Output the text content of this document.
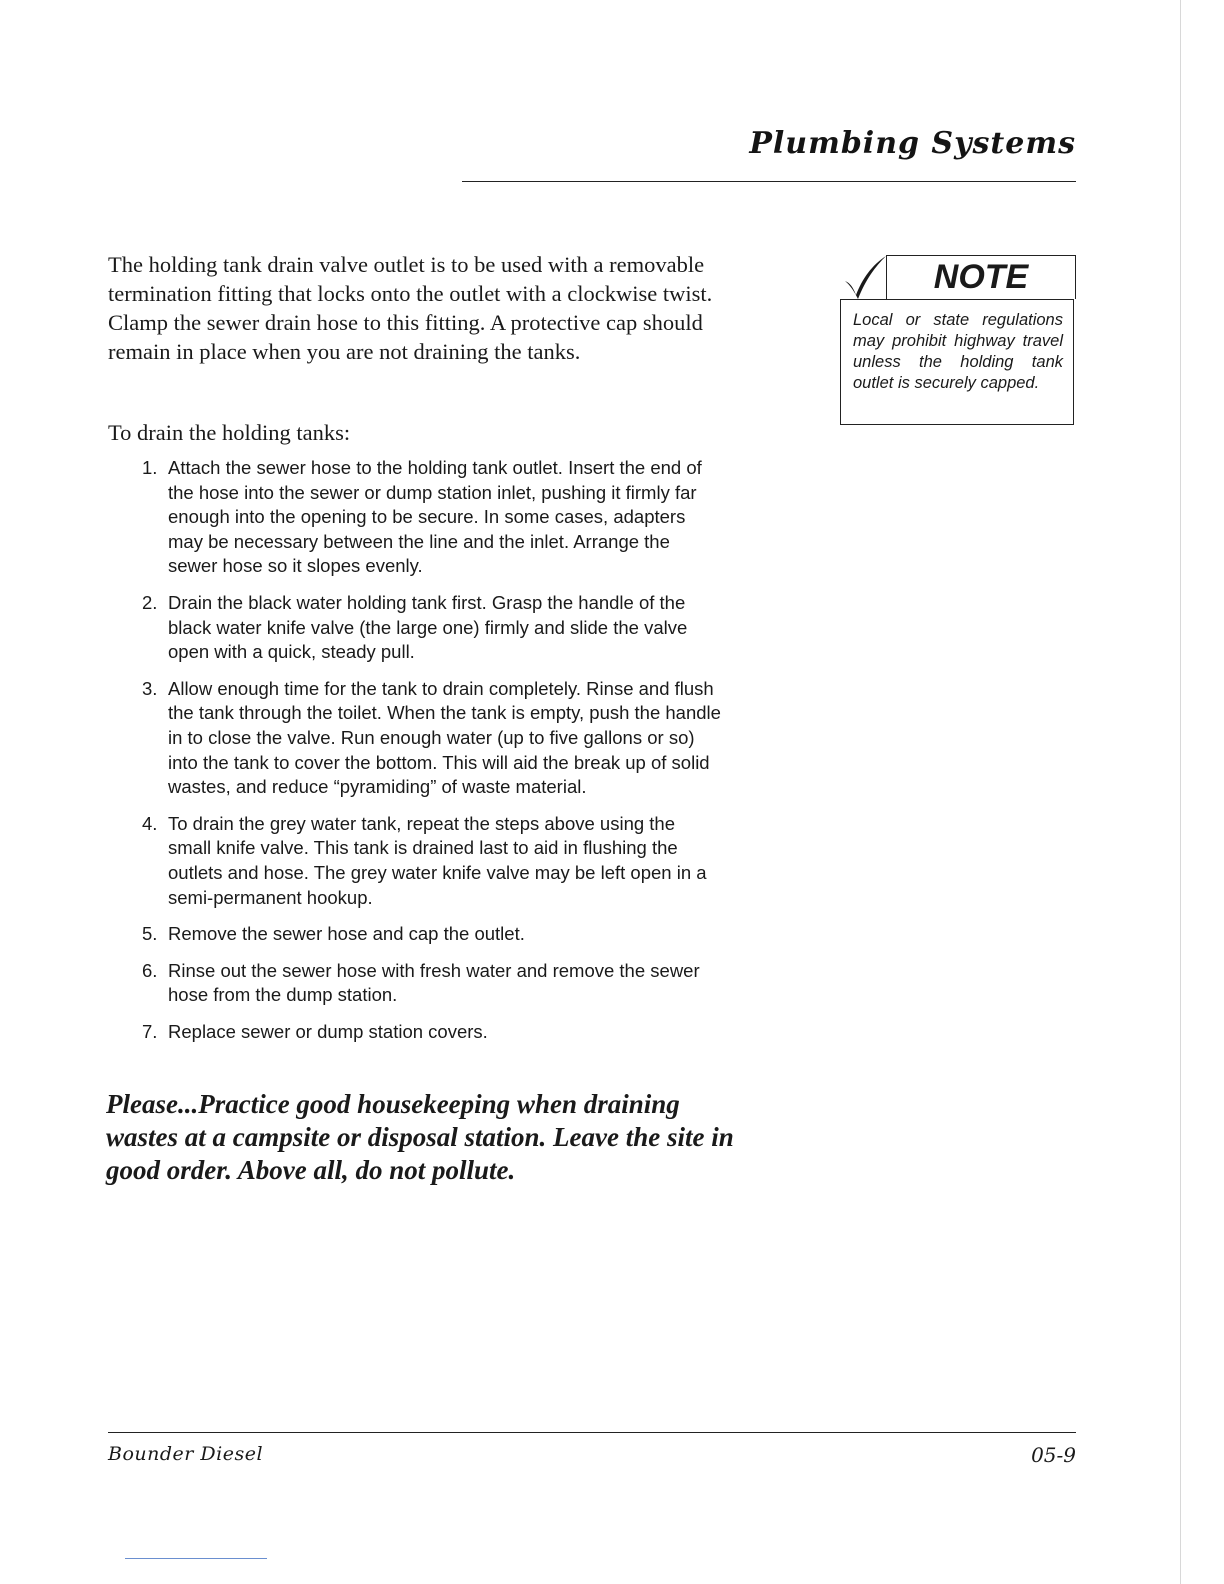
Plumbing Systems

The holding tank drain valve outlet is to be used with a removable termination fitting that locks onto the outlet with a clockwise twist. Clamp the sewer drain hose to this fitting. A protective cap should remain in place when you are not draining the tanks.

To drain the holding tanks:

1. Attach the sewer hose to the holding tank outlet. Insert the end of the hose into the sewer or dump station inlet, pushing it firmly far enough into the opening to be secure. In some cases, adapters may be necessary between the line and the inlet. Arrange the sewer hose so it slopes evenly.
2. Drain the black water holding tank first. Grasp the handle of the black water knife valve (the large one) firmly and slide the valve open with a quick, steady pull.
3. Allow enough time for the tank to drain completely. Rinse and flush the tank through the toilet. When the tank is empty, push the handle in to close the valve. Run enough water (up to five gallons or so) into the tank to cover the bottom. This will aid the break up of solid wastes, and reduce “pyramiding” of waste material.
4. To drain the grey water tank, repeat the steps above using the small knife valve. This tank is drained last to aid in flushing the outlets and hose. The grey water knife valve may be left open in a semi-permanent hookup.
5. Remove the sewer hose and cap the outlet.
6. Rinse out the sewer hose with fresh water and remove the sewer hose from the dump station.
7. Replace sewer or dump station covers.

Please...Practice good housekeeping when draining wastes at a campsite or disposal station. Leave the site in good order. Above all, do not pollute.

NOTE
Local or state regulations may prohibit highway travel unless the holding tank outlet is securely capped.
Bounder Diesel	05-9
